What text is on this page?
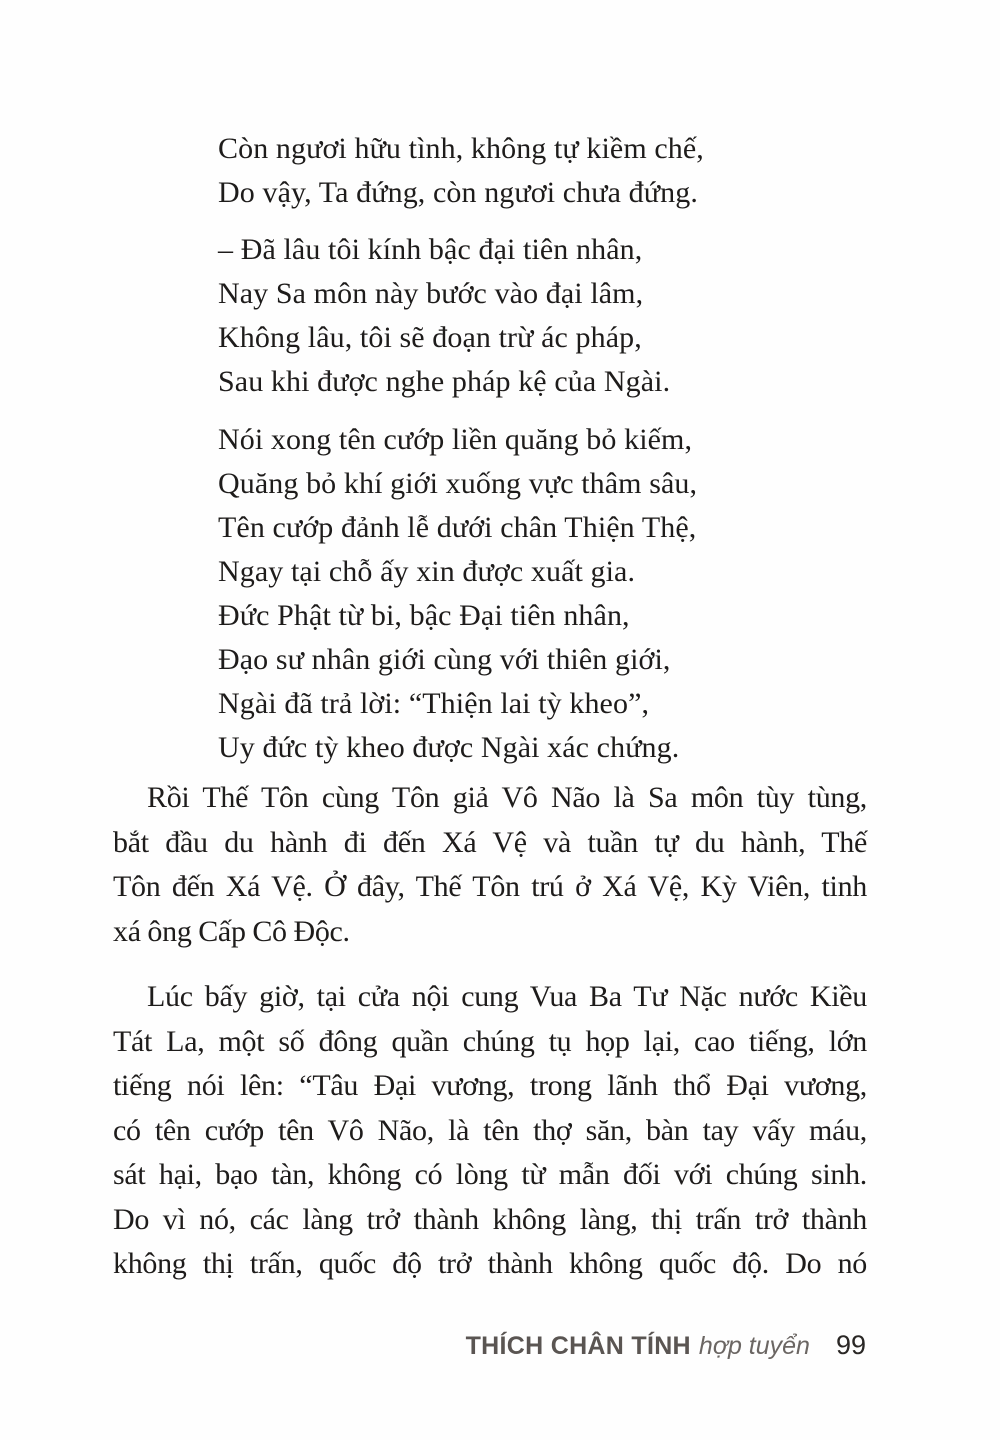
Còn ngươi hữu tình, không tự kiềm chế,
Do vậy, Ta đứng, còn ngươi chưa đứng.
– Đã lâu tôi kính bậc đại tiên nhân,
Nay Sa môn này bước vào đại lâm,
Không lâu, tôi sẽ đoạn trừ ác pháp,
Sau khi được nghe pháp kệ của Ngài.
Nói xong tên cướp liền quăng bỏ kiếm,
Quăng bỏ khí giới xuống vực thâm sâu,
Tên cướp đảnh lễ dưới chân Thiện Thệ,
Ngay tại chỗ ấy xin được xuất gia.
Đức Phật từ bi, bậc Đại tiên nhân,
Đạo sư nhân giới cùng với thiên giới,
Ngài đã trả lời: “Thiện lai tỳ kheo”,
Uy đức tỳ kheo được Ngài xác chứng.
Rồi Thế Tôn cùng Tôn giả Vô Não là Sa môn tùy tùng,
bắt đầu du hành đi đến Xá Vệ và tuần tự du hành, Thế
Tôn đến Xá Vệ. Ở đây, Thế Tôn trú ở Xá Vệ, Kỳ Viên, tinh
xá ông Cấp Cô Độc.
Lúc bấy giờ, tại cửa nội cung Vua Ba Tư Nặc nước Kiều
Tát La, một số đông quần chúng tụ họp lại, cao tiếng, lớn
tiếng nói lên: “Tâu Đại vương, trong lãnh thổ Đại vương,
có tên cướp tên Vô Não, là tên thợ săn, bàn tay vấy máu,
sát hại, bạo tàn, không có lòng từ mẫn đối với chúng sinh.
Do vì nó, các làng trở thành không làng, thị trấn trở thành
không thị trấn, quốc độ trở thành không quốc độ. Do nó
THÍCH CHÂN TÍNH hợp tuyển 99
